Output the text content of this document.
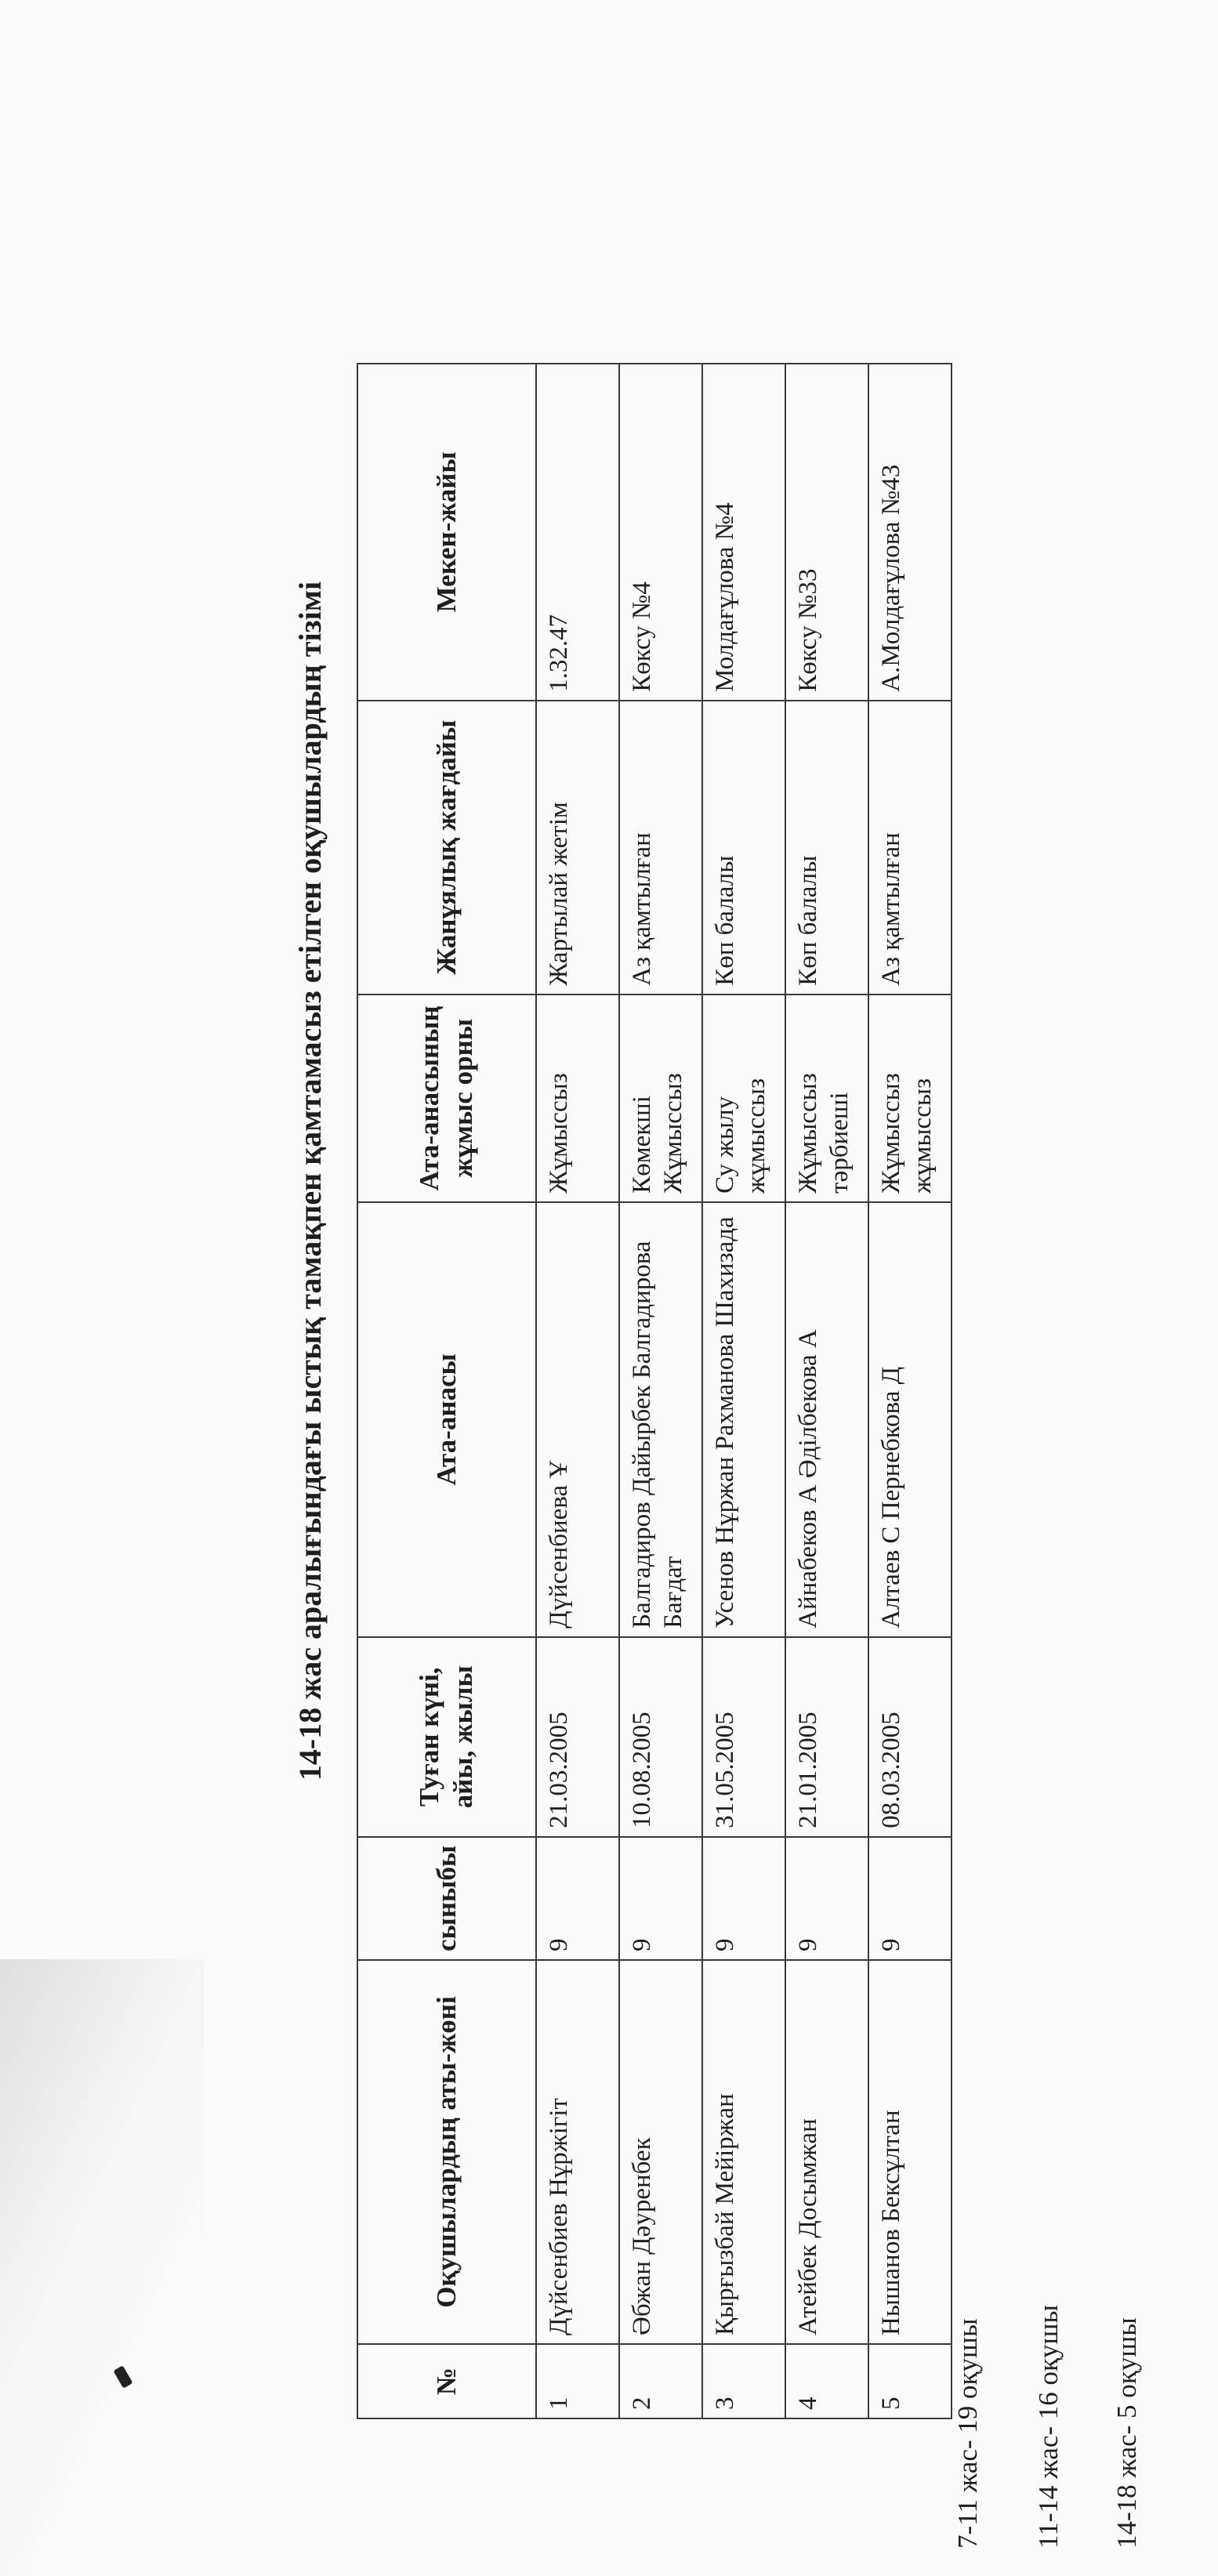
14-18 жас аралығындағы ыстық тамақпен қамтамасыз етілген оқушылардың тізімі
№	Оқушылардың аты-жөні	сыныбы	Туған күні, айы, жылы	Ата-анасы	Ата-анасының жұмыс орны	Жанұялық жағдайы	Мекен-жайы
1	Дүйсенбиев Нұржігіт	9	21.03.2005	Дүйсенбиева Ұ	Жұмыссыз	Жартылай жетім	1.32.47
2	Әбжан Дәуренбек	9	10.08.2005	Балгадиров Дайырбек Балгадирова Бағдат	Көмекші Жұмыссыз	Аз қамтылған	Көксу №4
3	Қырғызбай Мейіржан	9	31.05.2005	Усенов Нұржан Рахманова Шахизада	Су жылу жұмыссыз	Көп балалы	Молдағұлова №4
4	Атейбек Досымжан	9	21.01.2005	Айнабеков А Әділбекова А	Жұмыссыз тәрбиеші	Көп балалы	Көксу №33
5	Нышанов Бексұлтан	9	08.03.2005	Алтаев С Пернебкова Д	Жұмыссыз жұмыссыз	Аз қамтылған	А.Молдағұлова №43
7-11 жас- 19 оқушы 11-14 жас- 16 оқушы 14-18 жас- 5 оқушы
